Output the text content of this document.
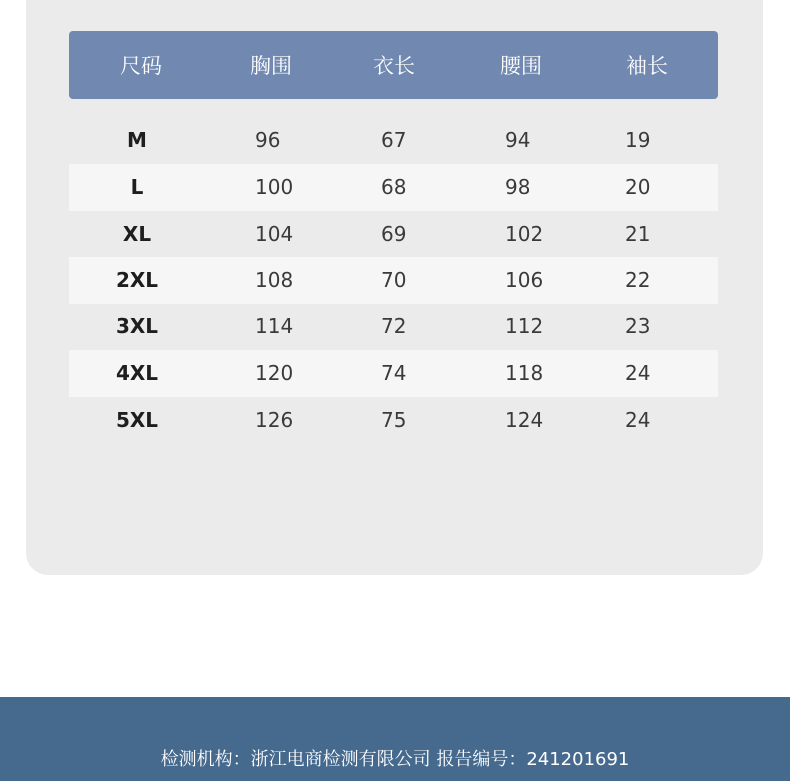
尺码	胸围	衣长	腰围	袖长
M	96	67	94	19
L	100	68	98	20
XL	104	69	102	21
2XL	108	70	106	22
3XL	114	72	112	23
4XL	120	74	118	24
5XL	126	75	124	24
检测机构：浙江电商检测有限公司 报告编号：241201691
